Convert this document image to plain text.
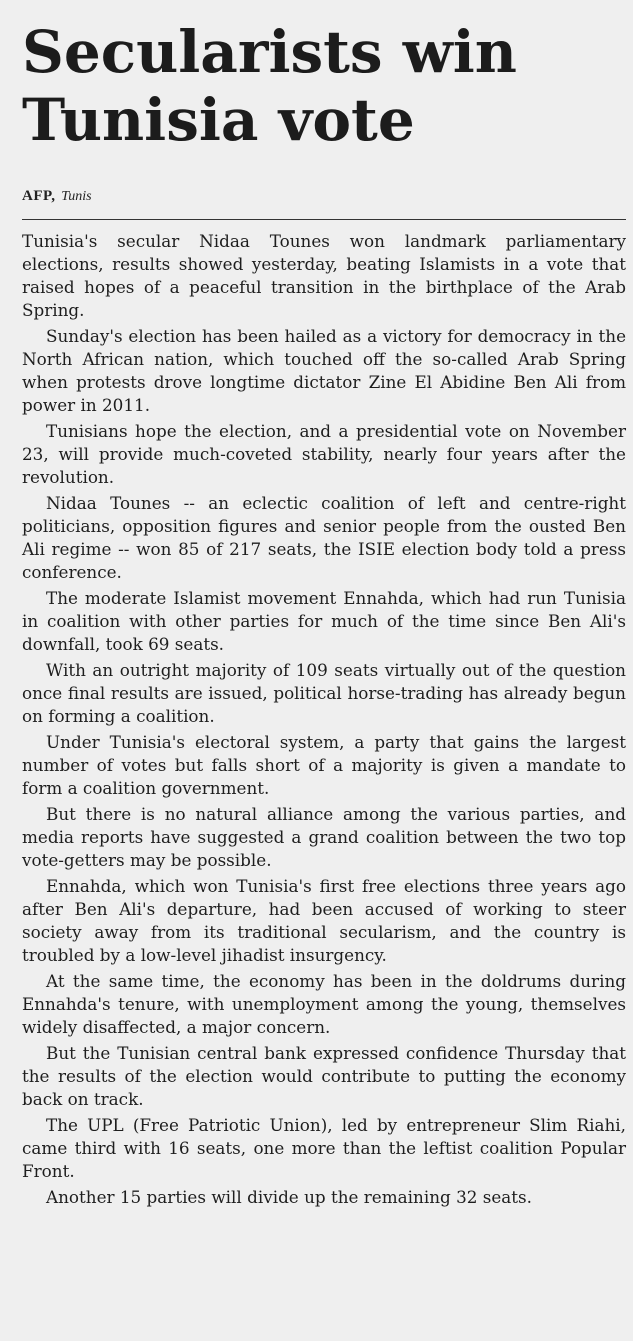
Secularists win Tunisia vote
AFP, Tunis

Tunisia's secular Nidaa Tounes won landmark parliamentary elections, results showed yesterday, beating Islamists in a vote that raised hopes of a peaceful transition in the birthplace of the Arab Spring.

Sunday's election has been hailed as a victory for democracy in the North African nation, which touched off the so-called Arab Spring when protests drove longtime dictator Zine El Abidine Ben Ali from power in 2011.

Tunisians hope the election, and a presidential vote on November 23, will provide much-coveted stability, nearly four years after the revolution.

Nidaa Tounes -- an eclectic coalition of left and centre-right politicians, opposition figures and senior people from the ousted Ben Ali regime -- won 85 of 217 seats, the ISIE election body told a press conference.

The moderate Islamist movement Ennahda, which had run Tunisia in coalition with other parties for much of the time since Ben Ali's downfall, took 69 seats.

With an outright majority of 109 seats virtually out of the question once final results are issued, political horse-trading has already begun on forming a coalition.

Under Tunisia's electoral system, a party that gains the largest number of votes but falls short of a majority is given a mandate to form a coalition government.

But there is no natural alliance among the various parties, and media reports have suggested a grand coalition between the two top vote-getters may be possible.

Ennahda, which won Tunisia's first free elections three years ago after Ben Ali's departure, had been accused of working to steer society away from its traditional secularism, and the country is troubled by a low-level jihadist insurgency.

At the same time, the economy has been in the doldrums during Ennahda's tenure, with unemployment among the young, themselves widely disaffected, a major concern.

But the Tunisian central bank expressed confidence Thursday that the results of the election would contribute to putting the economy back on track.

The UPL (Free Patriotic Union), led by entrepreneur Slim Riahi, came third with 16 seats, one more than the leftist coalition Popular Front.

Another 15 parties will divide up the remaining 32 seats.
